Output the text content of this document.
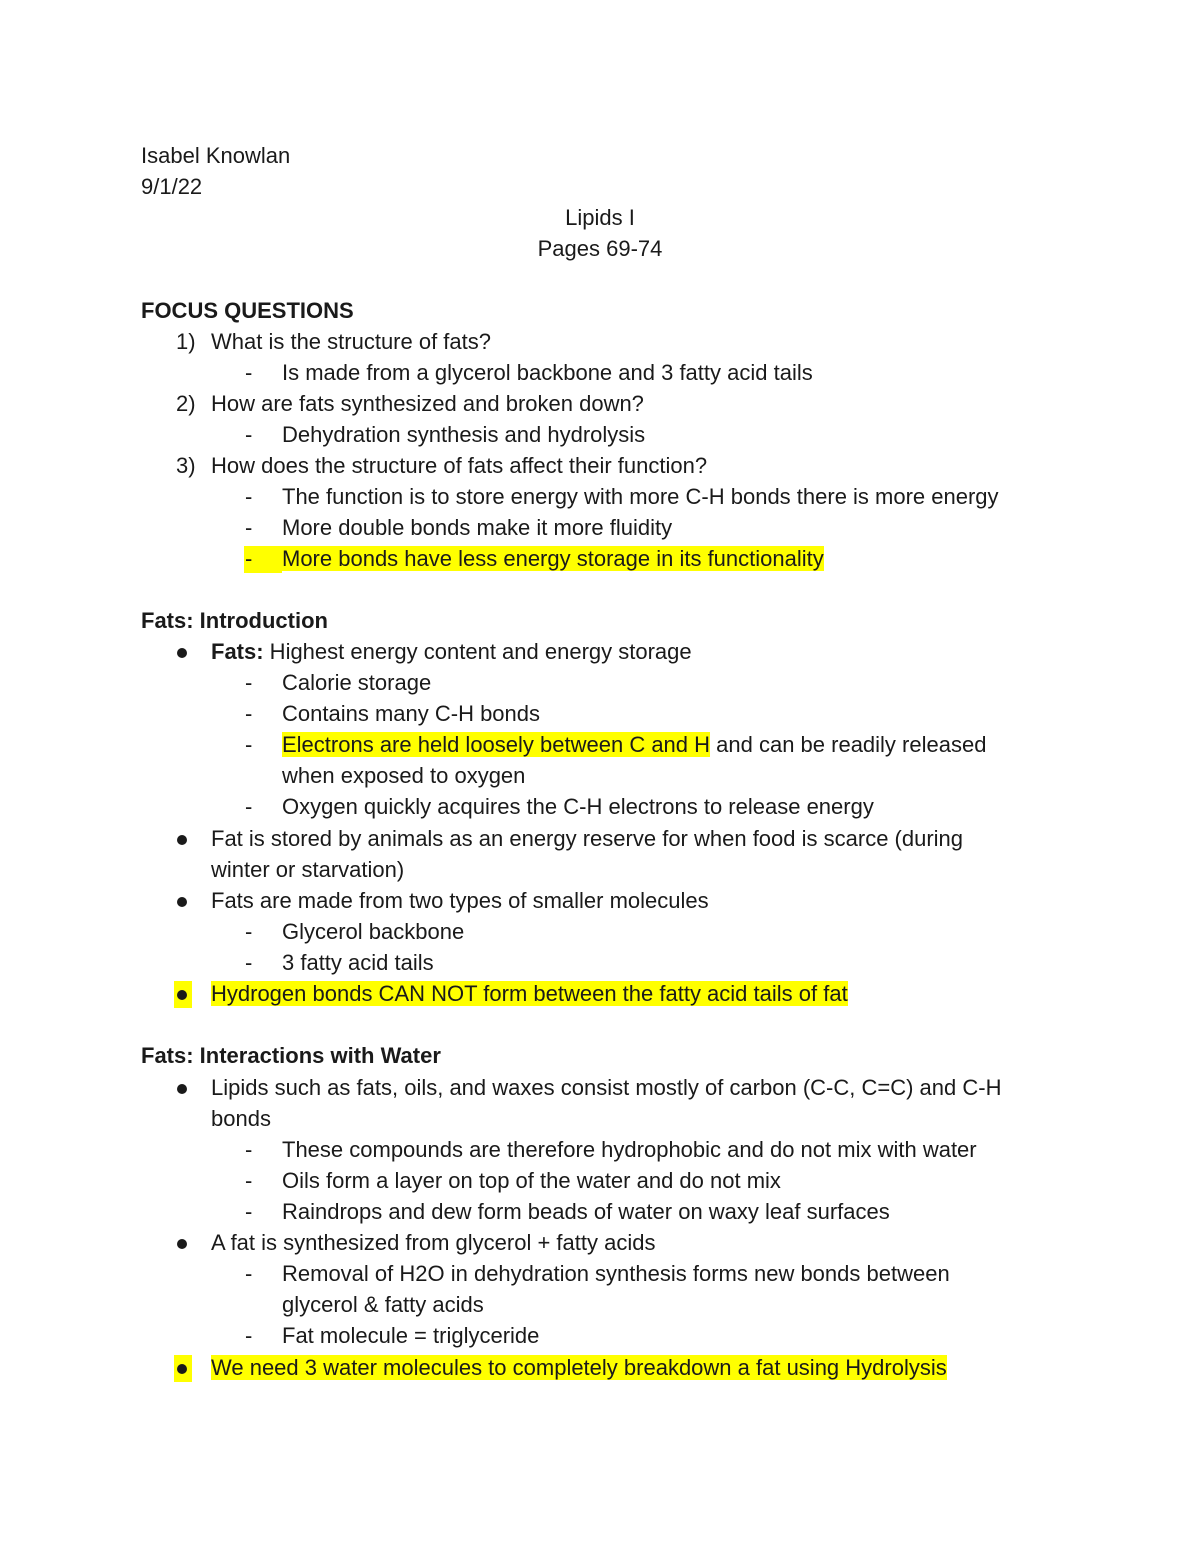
Isabel Knowlan
9/1/22
Lipids I
Pages 69-74
FOCUS QUESTIONS
1) What is the structure of fats?
- Is made from a glycerol backbone and 3 fatty acid tails
2) How are fats synthesized and broken down?
- Dehydration synthesis and hydrolysis
3) How does the structure of fats affect their function?
- The function is to store energy with more C-H bonds there is more energy
- More double bonds make it more fluidity
- More bonds have less energy storage in its functionality
Fats: Introduction
Fats: Highest energy content and energy storage
- Calorie storage
- Contains many C-H bonds
- Electrons are held loosely between C and H and can be readily released
when exposed to oxygen
- Oxygen quickly acquires the C-H electrons to release energy
Fat is stored by animals as an energy reserve for when food is scarce (during
winter or starvation)
Fats are made from two types of smaller molecules
- Glycerol backbone
- 3 fatty acid tails
Hydrogen bonds CAN NOT form between the fatty acid tails of fat
Fats: Interactions with Water
Lipids such as fats, oils, and waxes consist mostly of carbon (C-C, C=C) and C-H
bonds
- These compounds are therefore hydrophobic and do not mix with water
- Oils form a layer on top of the water and do not mix
- Raindrops and dew form beads of water on waxy leaf surfaces
A fat is synthesized from glycerol + fatty acids
- Removal of H2O in dehydration synthesis forms new bonds between
glycerol & fatty acids
- Fat molecule = triglyceride
We need 3 water molecules to completely breakdown a fat using Hydrolysis
